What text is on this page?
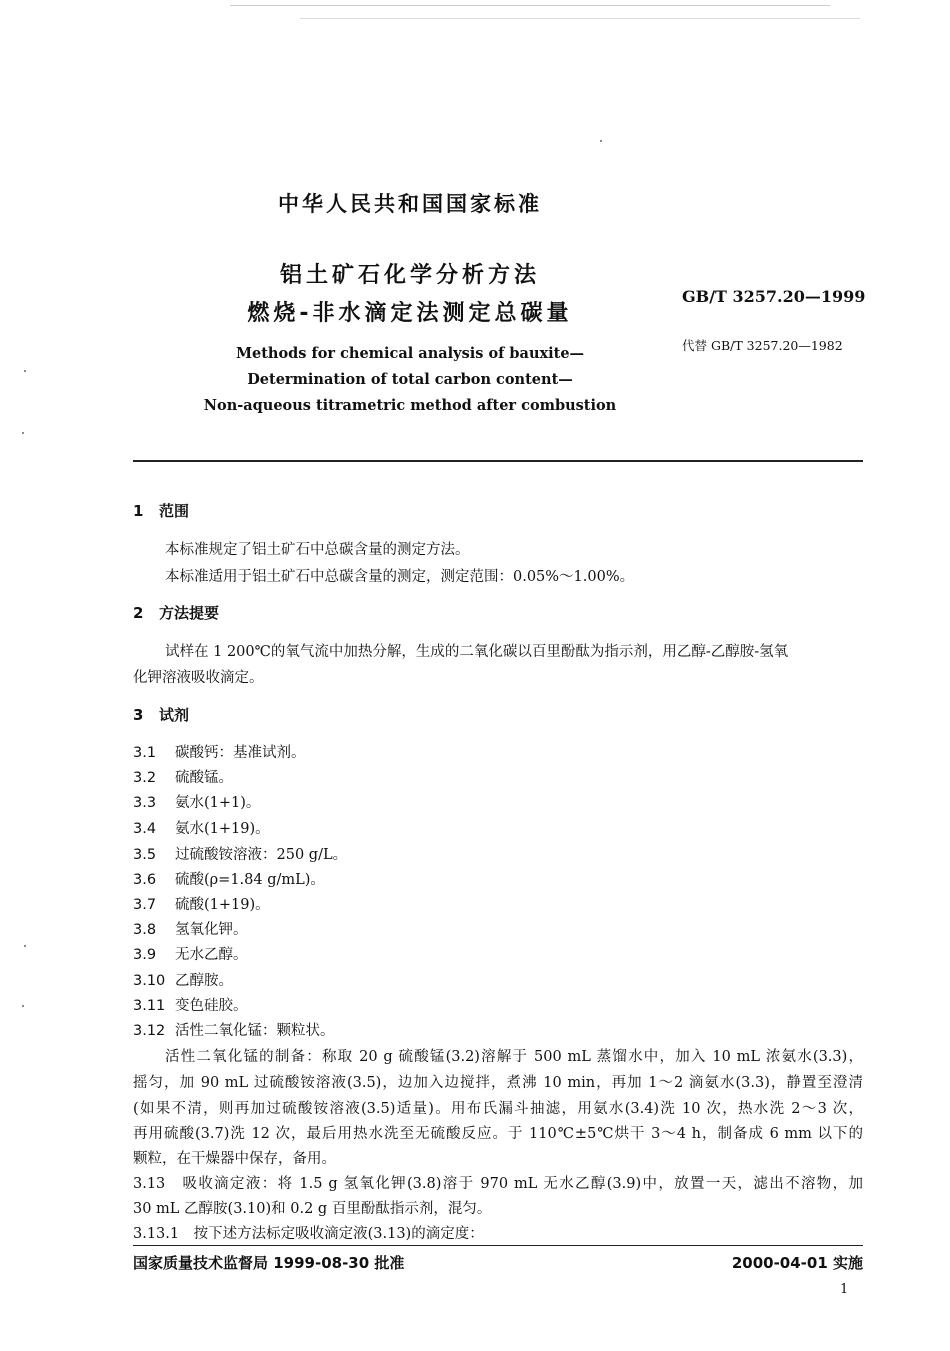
中华人民共和国国家标准
铝土矿石化学分析方法
燃烧-非水滴定法测定总碳量
GB/T 3257.20—1999
代替 GB/T 3257.20—1982
Methods for chemical analysis of bauxite—
Determination of total carbon content—
Non-aqueous titrametric method after combustion
1 范围
本标准规定了铝土矿石中总碳含量的测定方法。
本标准适用于铝土矿石中总碳含量的测定，测定范围：0.05%～1.00%。
2 方法提要
试样在 1 200℃的氧气流中加热分解，生成的二氧化碳以百里酚酞为指示剂，用乙醇-乙醇胺-氢氧
化钾溶液吸收滴定。
3 试剂
3.1 碳酸钙：基准试剂。
3.2 硫酸锰。
3.3 氨水(1+1)。
3.4 氨水(1+19)。
3.5 过硫酸铵溶液：250 g/L。
3.6 硫酸(ρ=1.84 g/mL)。
3.7 硫酸(1+19)。
3.8 氢氧化钾。
3.9 无水乙醇。
3.10 乙醇胺。
3.11 变色硅胶。
3.12 活性二氧化锰：颗粒状。
活性二氧化锰的制备：称取 20 g 硫酸锰(3.2)溶解于 500 mL 蒸馏水中，加入 10 mL 浓氨水(3.3)，
摇匀，加 90 mL 过硫酸铵溶液(3.5)，边加入边搅拌，煮沸 10 min，再加 1～2 滴氨水(3.3)，静置至澄清
(如果不清，则再加过硫酸铵溶液(3.5)适量)。用布氏漏斗抽滤，用氨水(3.4)洗 10 次，热水洗 2～3 次，
再用硫酸(3.7)洗 12 次，最后用热水洗至无硫酸反应。于 110℃±5℃烘干 3～4 h，制备成 6 mm 以下的
颗粒，在干燥器中保存，备用。
3.13　吸收滴定液：将 1.5 g 氢氧化钾(3.8)溶于 970 mL 无水乙醇(3.9)中，放置一天，滤出不溶物，加
30 mL 乙醇胺(3.10)和 0.2 g 百里酚酞指示剂，混匀。
3.13.1　按下述方法标定吸收滴定液(3.13)的滴定度：
国家质量技术监督局 1999-08-30 批准	2000-04-01 实施
1
